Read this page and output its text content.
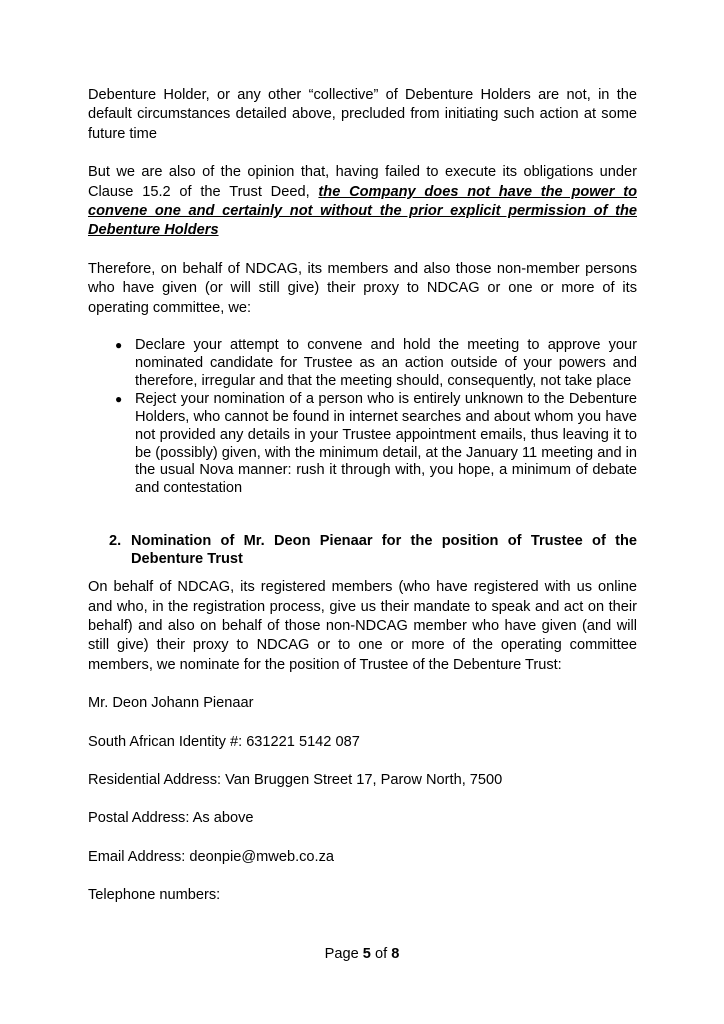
Debenture Holder, or any other “collective” of Debenture Holders are not, in the default circumstances detailed above, precluded from initiating such action at some future time

But we are also of the opinion that, having failed to execute its obligations under Clause 15.2 of the Trust Deed, the Company does not have the power to convene one and certainly not without the prior explicit permission of the Debenture Holders

Therefore, on behalf of NDCAG, its members and also those non-member persons who have given (or will still give) their proxy to NDCAG or one or more of its operating committee, we:

● Declare your attempt to convene and hold the meeting to approve your nominated candidate for Trustee as an action outside of your powers and therefore, irregular and that the meeting should, consequently, not take place
● Reject your nomination of a person who is entirely unknown to the Debenture Holders, who cannot be found in internet searches and about whom you have not provided any details in your Trustee appointment emails, thus leaving it to be (possibly) given, with the minimum detail, at the January 11 meeting and in the usual Nova manner: rush it through with, you hope, a minimum of debate and contestation
2. Nomination of Mr. Deon Pienaar for the position of Trustee of the Debenture Trust

On behalf of NDCAG, its registered members (who have registered with us online and who, in the registration process, give us their mandate to speak and act on their behalf) and also on behalf of those non-NDCAG member who have given (and will still give) their proxy to NDCAG or to one or more of the operating committee members, we nominate for the position of Trustee of the Debenture Trust:

Mr. Deon Johann Pienaar

South African Identity #: 631221 5142 087

Residential Address: Van Bruggen Street 17, Parow North, 7500

Postal Address: As above

Email Address: deonpie@mweb.co.za

Telephone numbers:

Page 5 of 8
